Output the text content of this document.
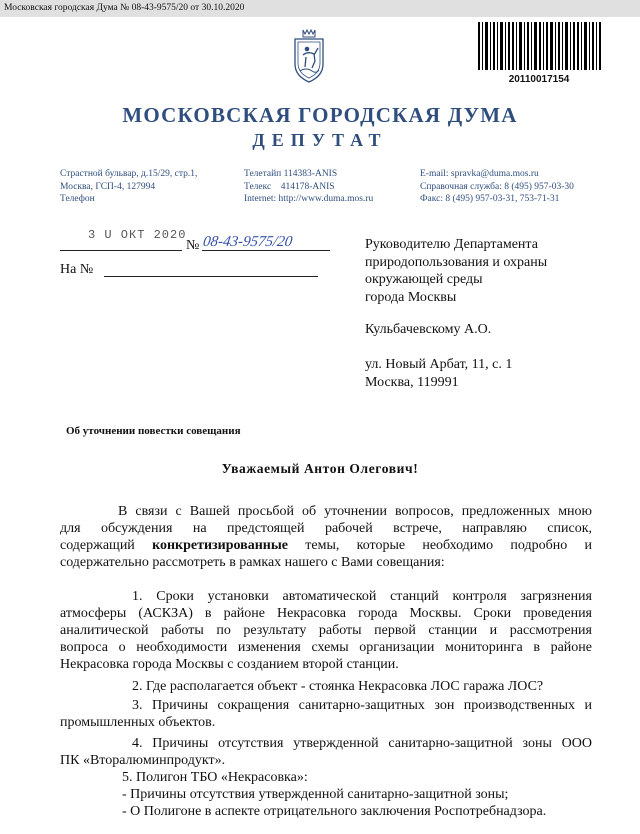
Московская городская Дума № 08-43-9575/20 от 30.10.2020
20110017154
МОСКОВСКАЯ ГОРОДСКАЯ ДУМА
ДЕПУТАТ
Страстной бульвар, д.15/29, стр.1,
Москва, ГСП-4, 127994
Телефон
Телетайп 114383-ANIS
Телекс    414178-ANIS
Internet: http://www.duma.mos.ru
E-mail: spravka@duma.mos.ru
Справочная служба: 8 (495) 957-03-30
Факс: 8 (495) 957-03-31, 753-71-31
3 U ОКТ 2020
№ 08-43-9575/20
На №
Руководителю Департамента
природопользования и охраны
окружающей среды
города Москвы
Кульбачевскому А.О.
ул. Новый Арбат, 11, с. 1
Москва, 119991
Об уточнении повестки совещания
Уважаемый Антон Олегович!

В связи с Вашей просьбой об уточнении вопросов, предложенных мною

для обсуждения на предстоящей рабочей встрече, направляю список,

содержащий конкретизированные темы, которые необходимо подробно и

содержательно рассмотреть в рамках нашего с Вами совещания:

1. Сроки установки автоматической станций контроля загрязнения

атмосферы (АСКЗА) в районе Некрасовка города Москвы. Сроки проведения

аналитической работы по результату работы первой станции и рассмотрения

вопроса о необходимости изменения схемы организации мониторинга в районе

Некрасовка города Москвы с созданием второй станции.

2. Где располагается объект - стоянка Некрасовка ЛОС гаража ЛОС?

3. Причины сокращения санитарно-защитных зон производственных и

промышленных объектов.

4. Причины отсутствия утвержденной санитарно-защитной зоны ООО

ПК «Вторалюминпродукт».

5. Полигон ТБО «Некрасовка»:

- Причины отсутствия утвержденной санитарно-защитной зоны;

- О Полигоне в аспекте отрицательного заключения Роспотребнадзора.
